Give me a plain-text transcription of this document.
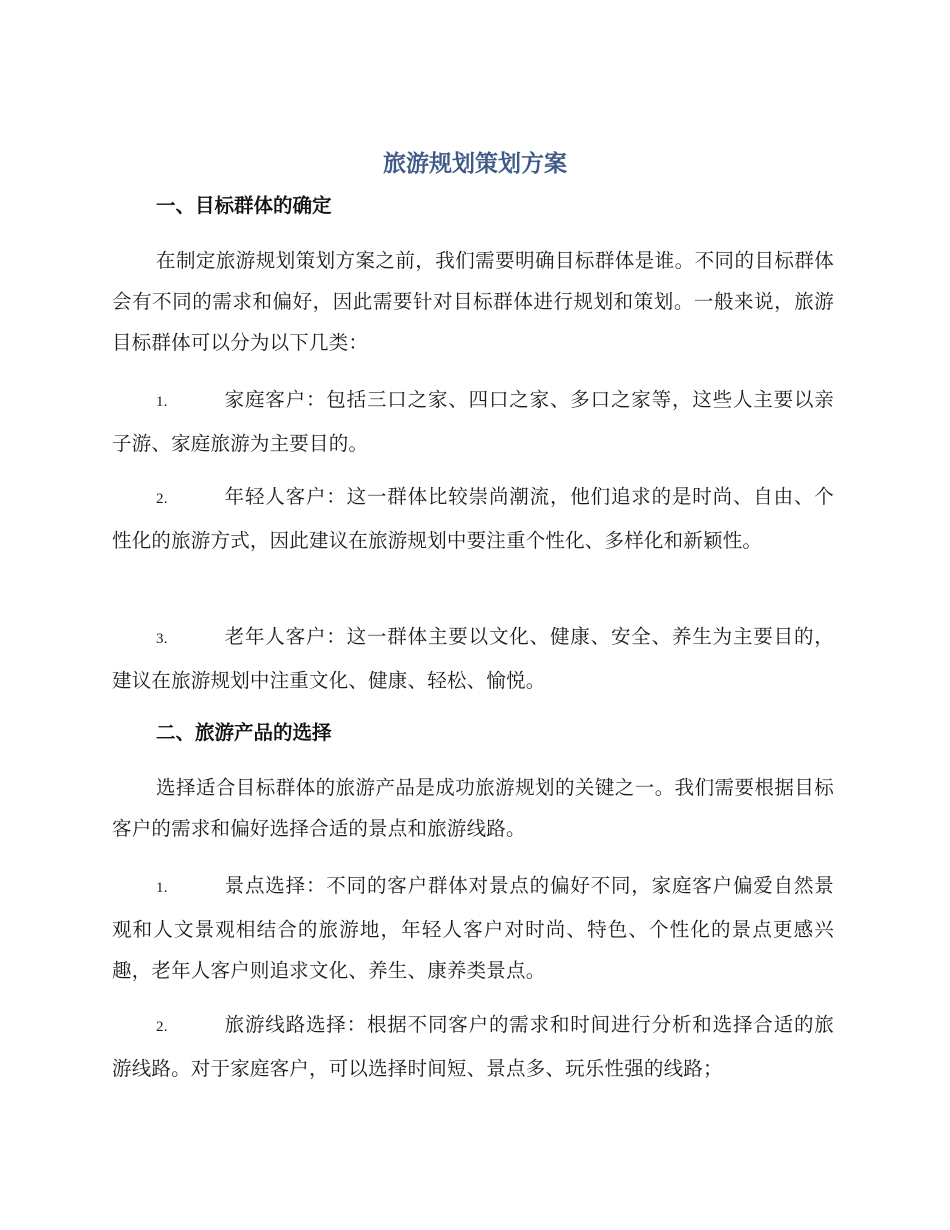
旅游规划策划方案
一、目标群体的确定

在制定旅游规划策划方案之前，我们需要明确目标群体是谁。不同的目标群体会有不同的需求和偏好，因此需要针对目标群体进行规划和策划。一般来说，旅游目标群体可以分为以下几类：

1.	家庭客户：包括三口之家、四口之家、多口之家等，这些人主要以亲子游、家庭旅游为主要目的。

2.	年轻人客户：这一群体比较崇尚潮流，他们追求的是时尚、自由、个性化的旅游方式，因此建议在旅游规划中要注重个性化、多样化和新颖性。

3.	老年人客户：这一群体主要以文化、健康、安全、养生为主要目的，建议在旅游规划中注重文化、健康、轻松、愉悦。

二、旅游产品的选择

选择适合目标群体的旅游产品是成功旅游规划的关键之一。我们需要根据目标客户的需求和偏好选择合适的景点和旅游线路。

1.	景点选择：不同的客户群体对景点的偏好不同，家庭客户偏爱自然景观和人文景观相结合的旅游地，年轻人客户对时尚、特色、个性化的景点更感兴趣，老年人客户则追求文化、养生、康养类景点。

2.	旅游线路选择：根据不同客户的需求和时间进行分析和选择合适的旅游线路。对于家庭客户，可以选择时间短、景点多、玩乐性强的线路；
